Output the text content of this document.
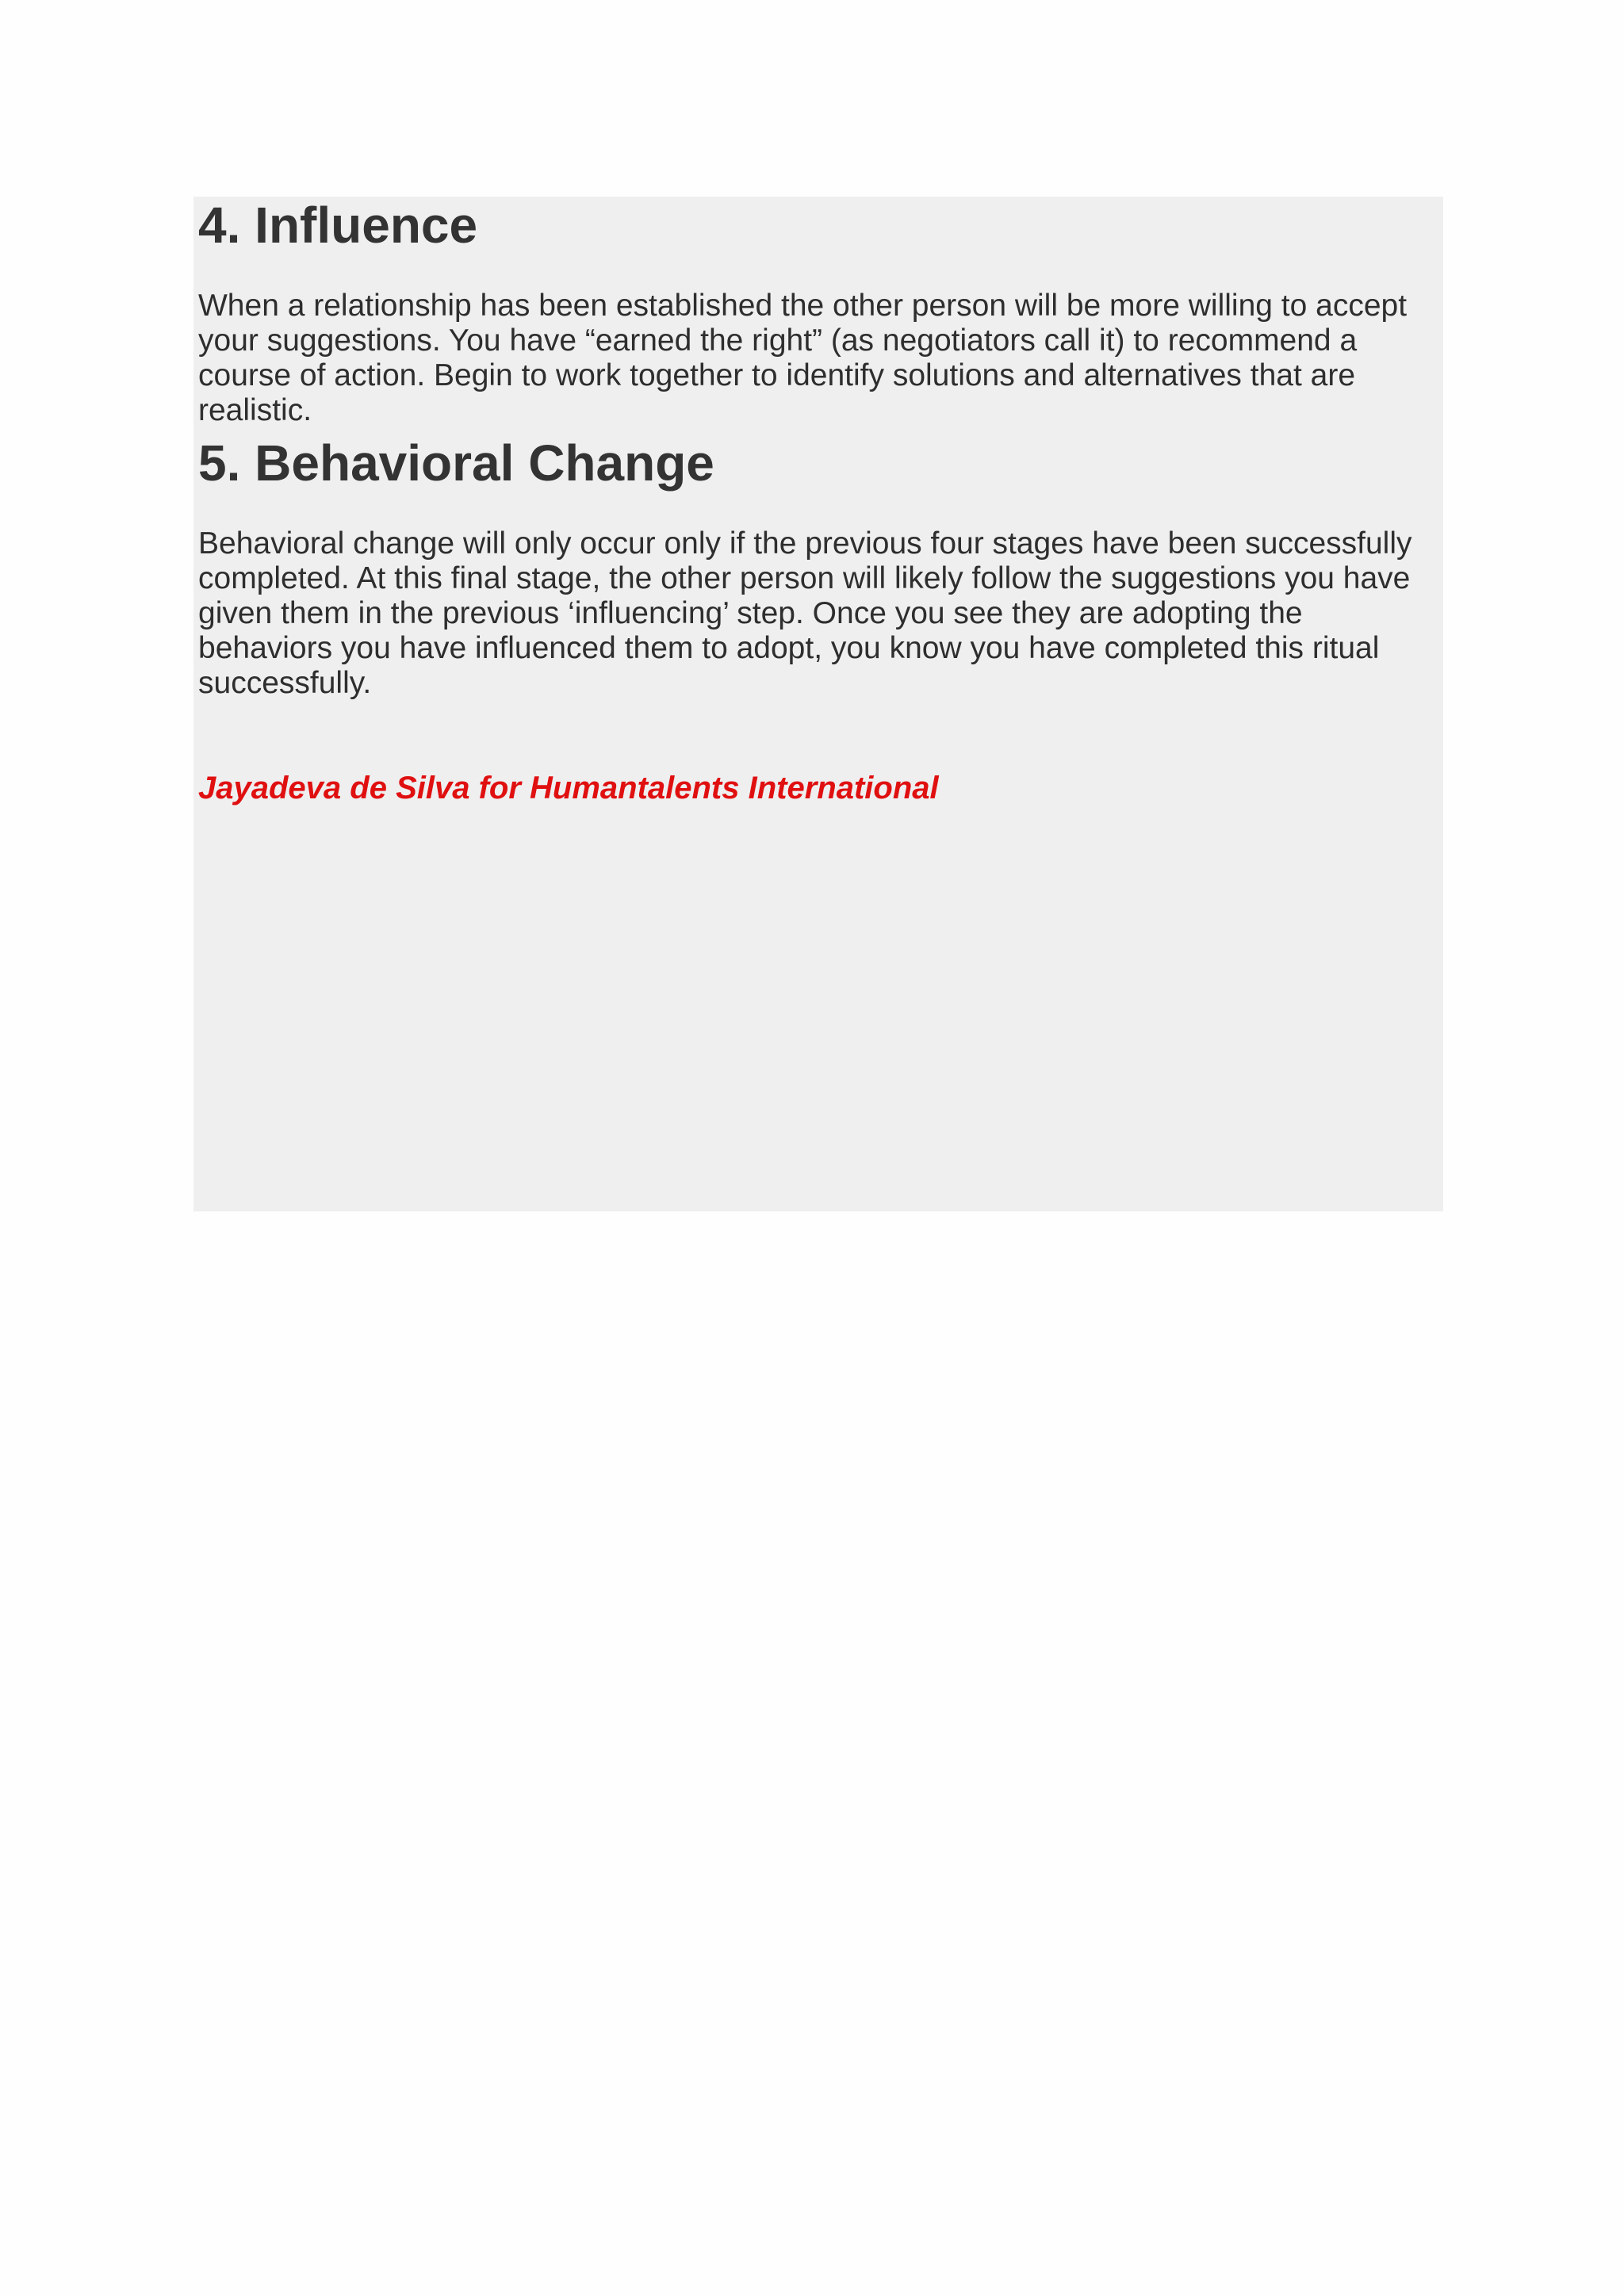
4. Influence

When a relationship has been established the other person will be more willing to accept your suggestions. You have “earned the right” (as negotiators call it) to recommend a course of action. Begin to work together to identify solutions and alternatives that are realistic.

5. Behavioral Change

Behavioral change will only occur only if the previous four stages have been successfully completed. At this final stage, the other person will likely follow the suggestions you have given them in the previous ‘influencing’ step. Once you see they are adopting the behaviors you have influenced them to adopt, you know you have completed this ritual successfully.

Jayadeva de Silva for Humantalents International
